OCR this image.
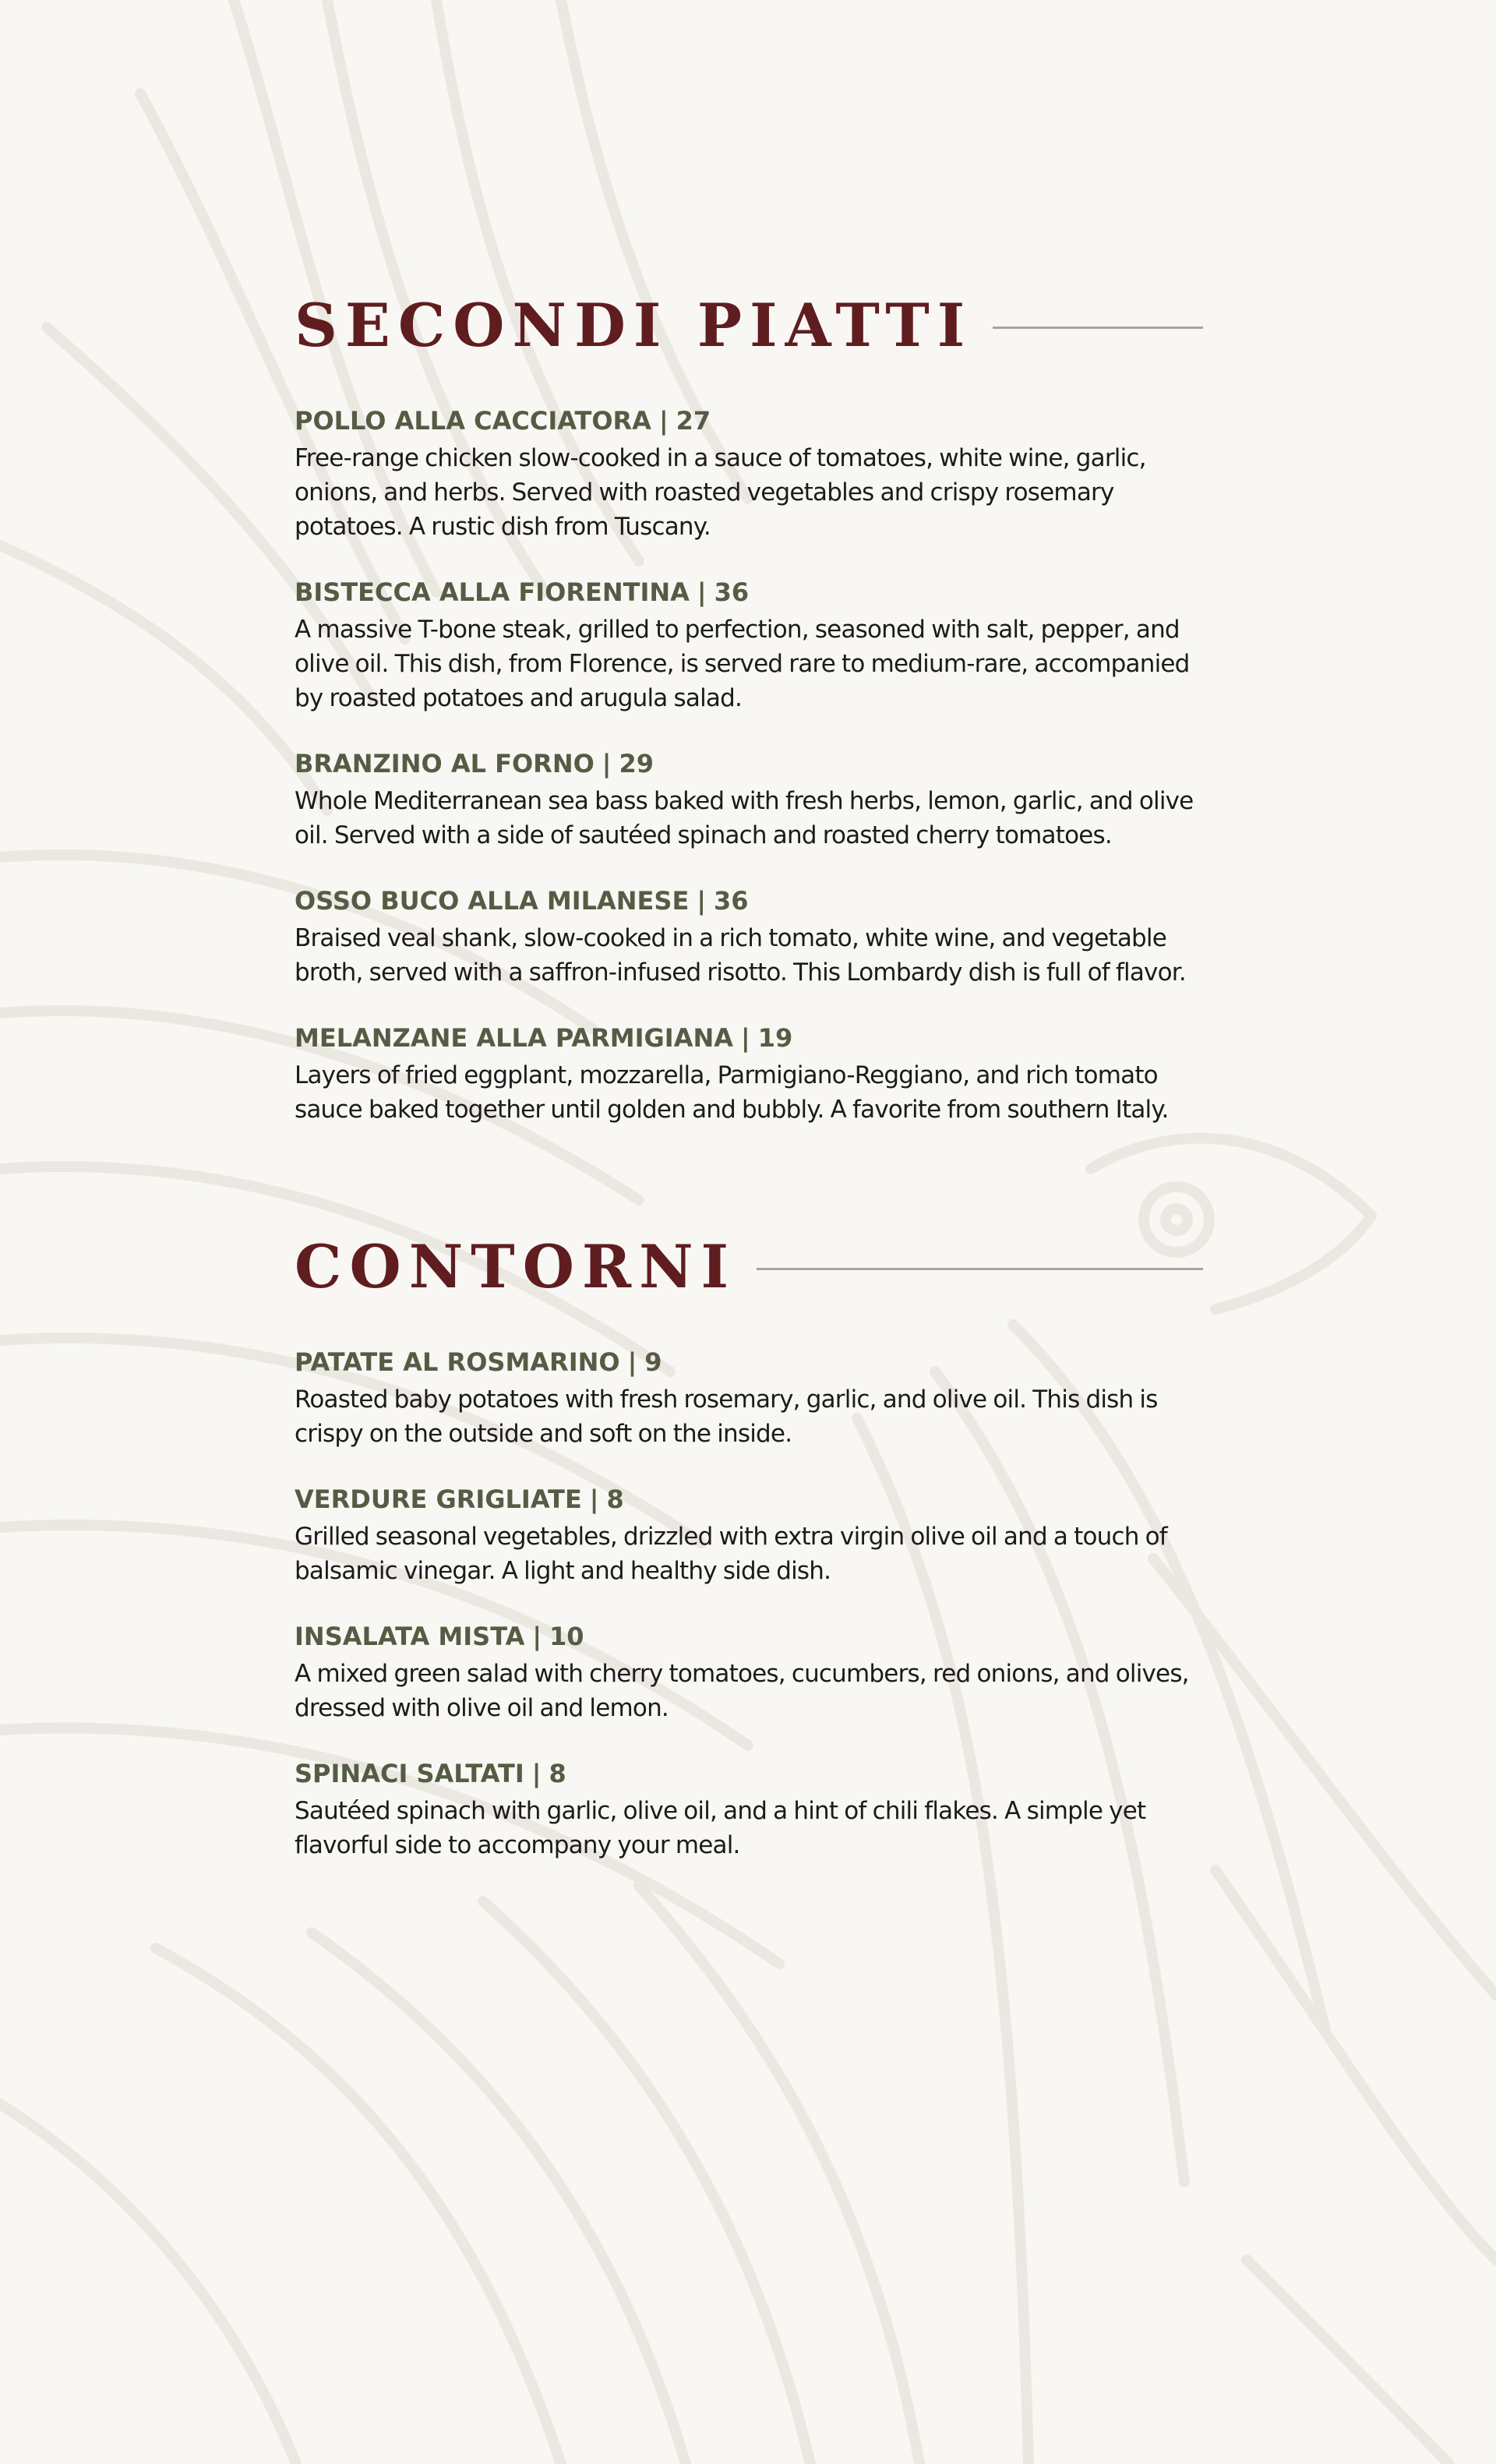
SECONDI PIATTI
POLLO ALLA CACCIATORA | 27
Free-range chicken slow-cooked in a sauce of tomatoes, white wine, garlic, onions, and herbs. Served with roasted vegetables and crispy rosemary potatoes. A rustic dish from Tuscany.
BISTECCA ALLA FIORENTINA | 36
A massive T-bone steak, grilled to perfection, seasoned with salt, pepper, and olive oil. This dish, from Florence, is served rare to medium-rare, accompanied by roasted potatoes and arugula salad.
BRANZINO AL FORNO | 29
Whole Mediterranean sea bass baked with fresh herbs, lemon, garlic, and olive oil. Served with a side of sautéed spinach and roasted cherry tomatoes.
OSSO BUCO ALLA MILANESE | 36
Braised veal shank, slow-cooked in a rich tomato, white wine, and vegetable broth, served with a saffron-infused risotto. This Lombardy dish is full of flavor.
MELANZANE ALLA PARMIGIANA | 19
Layers of fried eggplant, mozzarella, Parmigiano-Reggiano, and rich tomato sauce baked together until golden and bubbly. A favorite from southern Italy.
CONTORNI
PATATE AL ROSMARINO | 9
Roasted baby potatoes with fresh rosemary, garlic, and olive oil. This dish is crispy on the outside and soft on the inside.
VERDURE GRIGLIATE | 8
Grilled seasonal vegetables, drizzled with extra virgin olive oil and a touch of balsamic vinegar. A light and healthy side dish.
INSALATA MISTA | 10
A mixed green salad with cherry tomatoes, cucumbers, red onions, and olives, dressed with olive oil and lemon.
SPINACI SALTATI | 8
Sautéed spinach with garlic, olive oil, and a hint of chili flakes. A simple yet flavorful side to accompany your meal.
